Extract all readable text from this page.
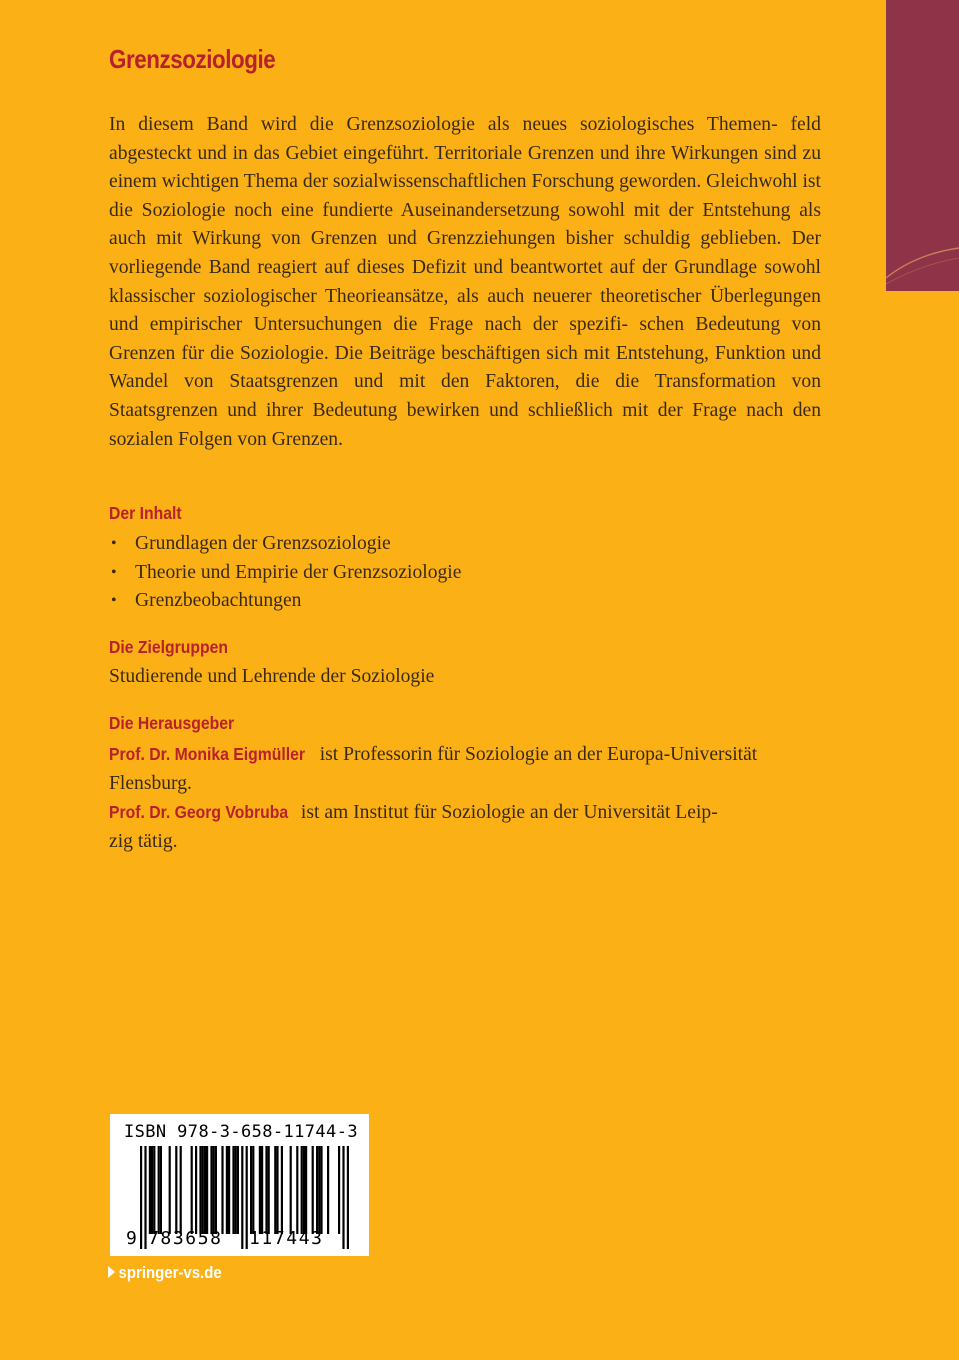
Grenzsoziologie

In diesem Band wird die Grenzsoziologie als neues soziologisches Themen- feld abgesteckt und in das Gebiet eingeführt. Territoriale Grenzen und ihre Wirkungen sind zu einem wichtigen Thema der sozialwissenschaftlichen Forschung geworden. Gleichwohl ist die Soziologie noch eine fundierte Auseinandersetzung sowohl mit der Entstehung als auch mit Wirkung von Grenzen und Grenzziehungen bisher schuldig geblieben. Der vorliegende Band reagiert auf dieses Defizit und beantwortet auf der Grundlage sowohl klassischer soziologischer Theorieansätze, als auch neuerer theoretischer Überlegungen und empirischer Untersuchungen die Frage nach der spezifi- schen Bedeutung von Grenzen für die Soziologie. Die Beiträge beschäftigen sich mit Entstehung, Funktion und Wandel von Staatsgrenzen und mit den Faktoren, die die Transformation von Staatsgrenzen und ihrer Bedeutung bewirken und schließlich mit der Frage nach den sozialen Folgen von Grenzen.

Der Inhalt
• Grundlagen der Grenzsoziologie
• Theorie und Empirie der Grenzsoziologie
• Grenzbeobachtungen
Die Zielgruppen

Studierende und Lehrende der Soziologie

Die Herausgeber

Prof. Dr. Monika Eigmüller ist Professorin für Soziologie an der Europa-Universität
Flensburg.

Prof. Dr. Georg Vobruba ist am Institut für Soziologie an der Universität Leip-
zig tätig.

ISBN 978-3-658-11744-3
9 783658 117443
springer-vs.de
